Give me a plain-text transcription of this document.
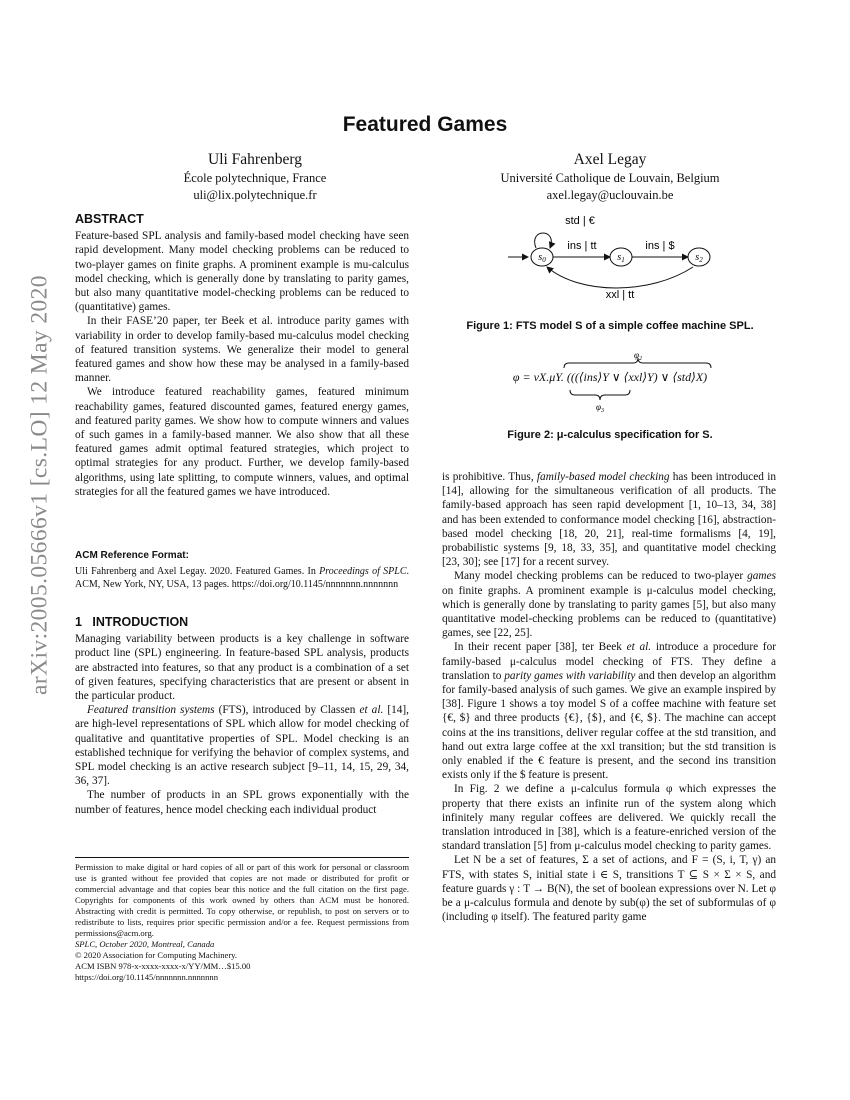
arXiv:2005.05666v1 [cs.LO] 12 May 2020
Featured Games
Uli Fahrenberg
École polytechnique, France
uli@lix.polytechnique.fr
Axel Legay
Université Catholique de Louvain, Belgium
axel.legay@uclouvain.be
ABSTRACT

Feature-based SPL analysis and family-based model checking have seen rapid development. Many model checking problems can be reduced to two-player games on finite graphs. A prominent example is mu-calculus model checking, which is generally done by translating to parity games, but also many quantitative model-checking problems can be reduced to (quantitative) games.

In their FASE’20 paper, ter Beek et al. introduce parity games with variability in order to develop family-based mu-calculus model checking of featured transition systems. We generalize their model to general featured games and show how these may be analysed in a family-based manner.

We introduce featured reachability games, featured minimum reachability games, featured discounted games, featured energy games, and featured parity games. We show how to compute winners and values of such games in a family-based manner. We also show that all these featured games admit optimal featured strategies, which project to optimal strategies for any product. Further, we develop family-based algorithms, using late splitting, to compute winners, values, and optimal strategies for all the featured games we have introduced.

ACM Reference Format:

Uli Fahrenberg and Axel Legay. 2020. Featured Games. In Proceedings of SPLC. ACM, New York, NY, USA, 13 pages. https://doi.org/10.1145/nnnnnnn.nnnnnnn

1   INTRODUCTION

Managing variability between products is a key challenge in software product line (SPL) engineering. In feature-based SPL analysis, products are abstracted into features, so that any product is a combination of a set of given features, specifying characteristics that are present or absent in the particular product.

Featured transition systems (FTS), introduced by Classen et al. [14], are high-level representations of SPL which allow for model checking of qualitative and quantitative properties of SPL. Model checking is an established technique for verifying the behavior of complex systems, and SPL model checking is an active research subject [9–11, 14, 15, 29, 34, 36, 37].

The number of products in an SPL grows exponentially with the number of features, hence model checking each individual product

Permission to make digital or hard copies of all or part of this work for personal or classroom use is granted without fee provided that copies are not made or distributed for profit or commercial advantage and that copies bear this notice and the full citation on the first page. Copyrights for components of this work owned by others than ACM must be honored. Abstracting with credit is permitted. To copy otherwise, or republish, to post on servers or to redistribute to lists, requires prior specific permission and/or a fee. Request permissions from permissions@acm.org.

SPLC, October 2020, Montreal, Canada

© 2020 Association for Computing Machinery.

ACM ISBN 978-x-xxxx-xxxx-x/YY/MM…$15.00

https://doi.org/10.1145/nnnnnnn.nnnnnnn

$s_0$	$s_1$	$s_2$
std | €
ins | tt	ins | $
xxl | tt
Figure 1: FTS model S of a simple coffee machine SPL.
$\varphi_2$
$\varphi_3$
φ = νX.μY. (((⟨ins⟩Y ∨ ⟨xxl⟩Y) ∨ ⟨std⟩X)
Figure 2: μ-calculus specification for S.

is prohibitive. Thus, family-based model checking has been introduced in [14], allowing for the simultaneous verification of all products. The family-based approach has seen rapid development [1, 10–13, 34, 38] and has been extended to conformance model checking [16], abstraction-based model checking [18, 20, 21], real-time formalisms [4, 19], probabilistic systems [9, 18, 33, 35], and quantitative model checking [23, 30]; see [17] for a recent survey.

Many model checking problems can be reduced to two-player games on finite graphs. A prominent example is μ-calculus model checking, which is generally done by translating to parity games [5], but also many quantitative model-checking problems can be reduced to (quantitative) games, see [22, 25].

In their recent paper [38], ter Beek et al. introduce a procedure for family-based μ-calculus model checking of FTS. They define a translation to parity games with variability and then develop an algorithm for family-based analysis of such games. We give an example inspired by [38]. Figure 1 shows a toy model S of a coffee machine with feature set {€, $} and three products {€}, {$}, and {€, $}. The machine can accept coins at the ins transitions, deliver regular coffee at the std transition, and hand out extra large coffee at the xxl transition; but the std transition is only enabled if the € feature is present, and the second ins transition exists only if the $ feature is present.

In Fig. 2 we define a μ-calculus formula φ which expresses the property that there exists an infinite run of the system along which infinitely many regular coffees are delivered. We quickly recall the translation introduced in [38], which is a feature-enriched version of the standard translation [5] from μ-calculus model checking to parity games.

Let N be a set of features, Σ a set of actions, and F = (S, i, T, γ) an FTS, with states S, initial state i ∈ S, transitions T ⊆ S × Σ × S, and feature guards γ : T → B(N), the set of boolean expressions over N. Let φ be a μ-calculus formula and denote by sub(φ) the set of subformulas of φ (including φ itself). The featured parity game
